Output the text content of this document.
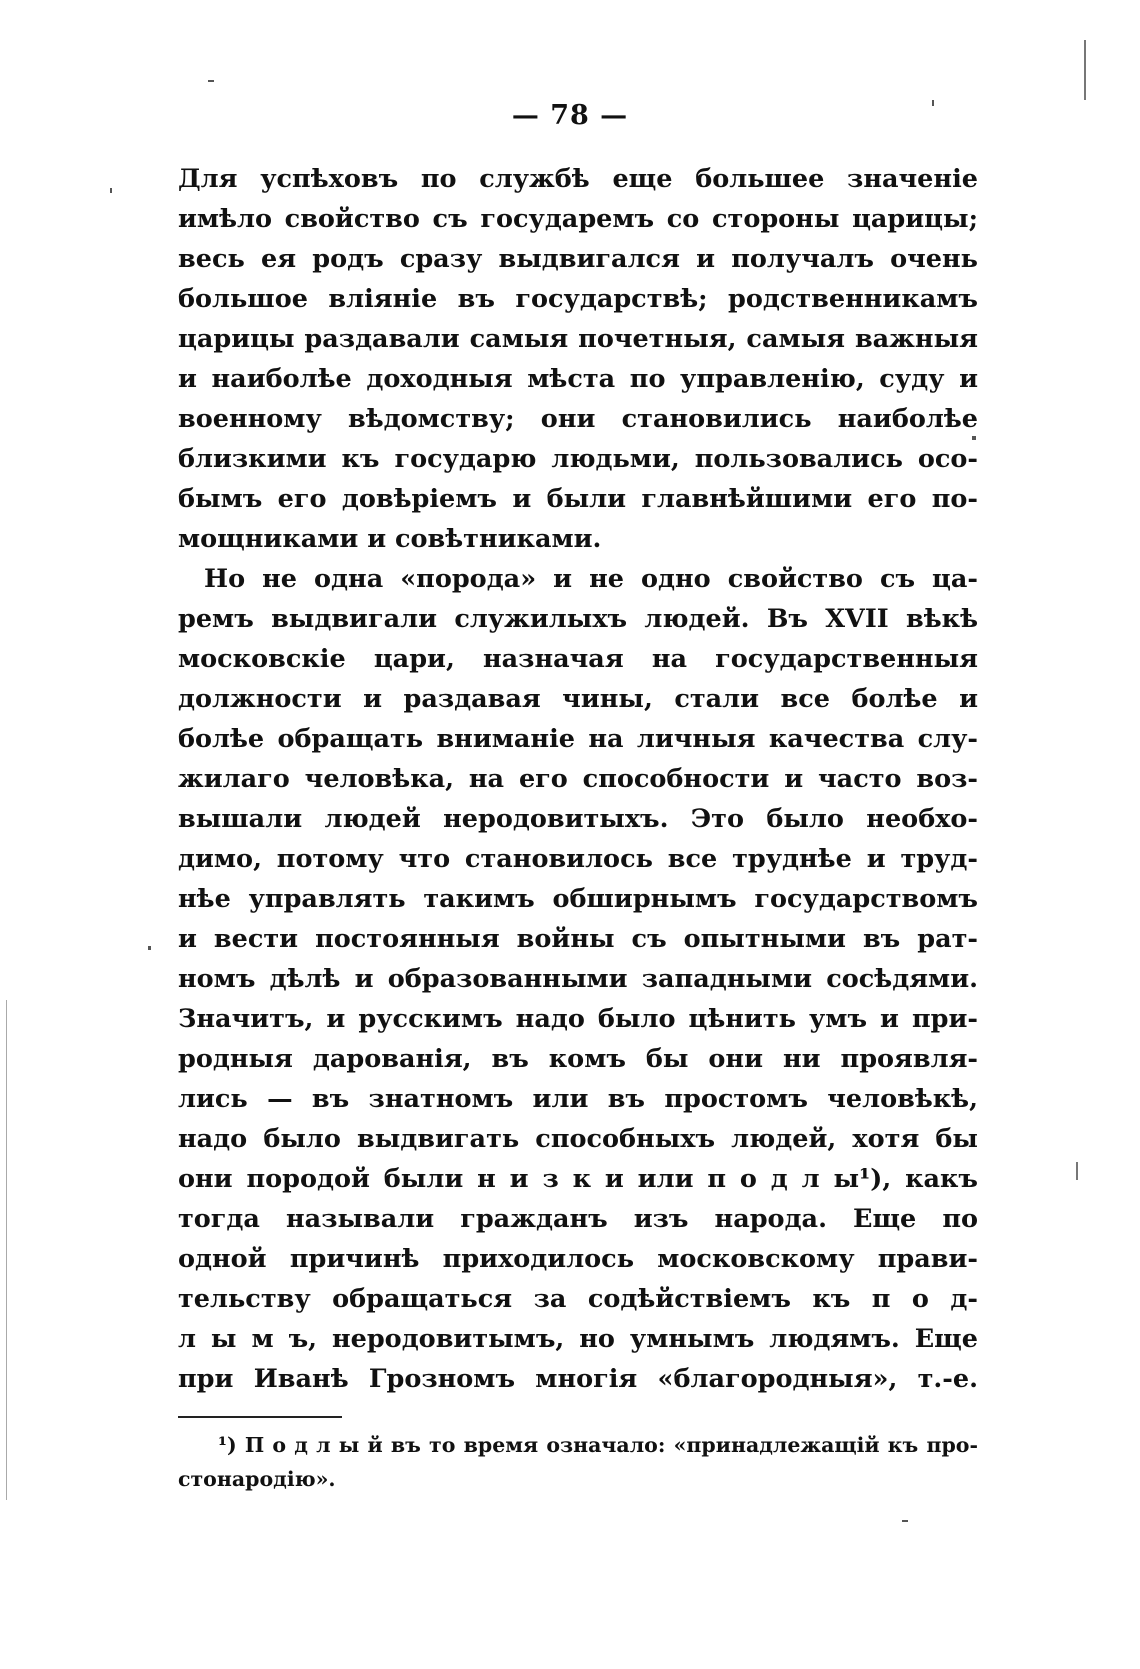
— 78 —
Для успѣховъ по службѣ еще большее значенiе
имѣло свойство съ государемъ со стороны царицы;
весь ея родъ сразу выдвигался и получалъ очень
большое влiянiе въ государствѣ; родственникамъ
царицы раздавали самыя почетныя, самыя важныя
и наиболѣе доходныя мѣста по управленiю, суду и
военному вѣдомству; они становились наиболѣе
близкими къ государю людьми, пользовались осо-
бымъ его довѣрiемъ и были главнѣйшими его по-
мощниками и совѣтниками.
Но не одна «порода» и не одно свойство съ ца-
ремъ выдвигали служилыхъ людей. Въ XVII вѣкѣ
московскiе цари, назначая на государственныя
должности и раздавая чины, стали все болѣе и
болѣе обращать вниманiе на личныя качества слу-
жилаго человѣка, на его способности и часто воз-
вышали людей неродовитыхъ. Это было необхо-
димо, потому что становилось все труднѣе и труд-
нѣе управлять такимъ обширнымъ государствомъ
и вести постоянныя войны съ опытными въ рат-
номъ дѣлѣ и образованными западными сосѣдями.
Значитъ, и русскимъ надо было цѣнить умъ и при-
родныя дарованiя, въ комъ бы они ни проявля-
лись — въ знатномъ или въ простомъ человѣкѣ,
надо было выдвигать способныхъ людей, хотя бы
они породой были н и з к и или п о д л ы¹), какъ
тогда называли гражданъ изъ народа. Еще по
одной причинѣ приходилось московскому прави-
тельству обращаться за содѣйствiемъ къ п о д-
л ы м ъ, неродовитымъ, но умнымъ людямъ. Еще
при Иванѣ Грозномъ многiя «благородныя», т.-е.
¹) П о д л ы й въ то время означало: «принадлежащiй къ про-
стонародiю».
